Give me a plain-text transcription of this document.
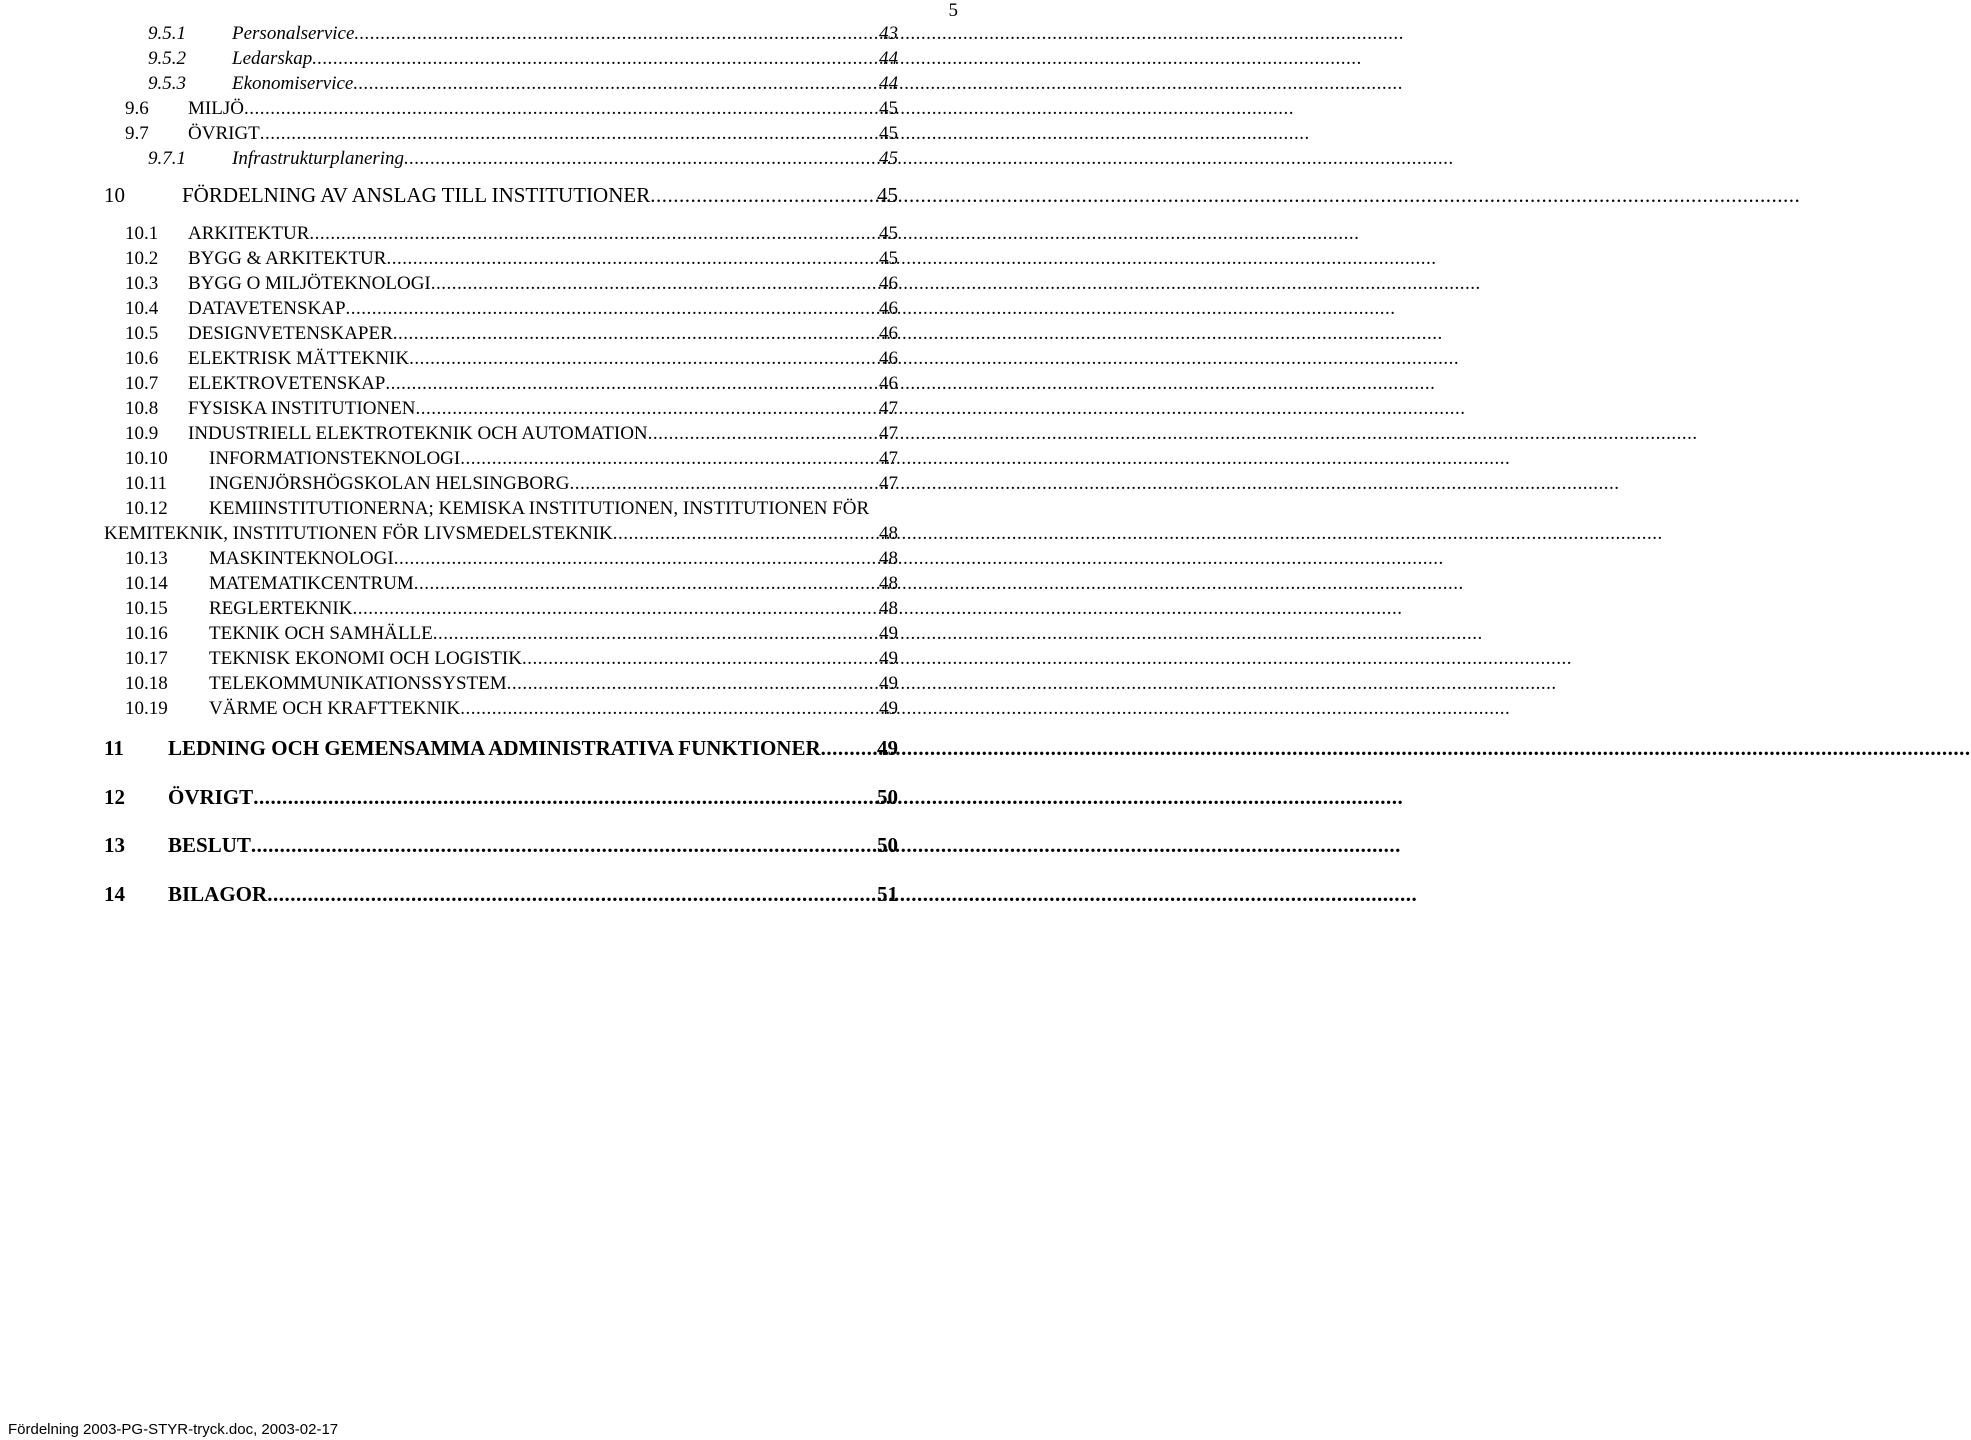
5
9.5.1	Personalservice .....	43
9.5.2	Ledarskap .....	44
9.5.3	Ekonomiservice .....	44
9.6	MILJÖ .....	45
9.7	ÖVRIGT .....	45
9.7.1	Infrastrukturplanering .....	45
10	FÖRDELNING AV ANSLAG TILL INSTITUTIONER .....	45
10.1	ARKITEKTUR .....	45
10.2	BYGG & ARKITEKTUR .....	45
10.3	BYGG O MILJÖTEKNOLOGI .....	46
10.4	DATAVETENSKAP .....	46
10.5	DESIGNVETENSKAPER .....	46
10.6	ELEKTRISK MÄTTEKNIK .....	46
10.7	ELEKTROVETENSKAP .....	46
10.8	FYSISKA INSTITUTIONEN .....	47
10.9	INDUSTRIELL ELEKTROTEKNIK OCH AUTOMATION .....	47
10.10	INFORMATIONSTEKNOLOGI .....	47
10.11	INGENJÖRSHÖGSKOLAN HELSINGBORG .....	47
10.12 KEMIINSTITUTIONERNA; KEMISKA INSTITUTIONEN, INSTITUTIONEN FÖR
KEMITEKNIK, INSTITUTIONEN FÖR LIVSMEDELSTEKNIK .....	48
10.13	MASKINTEKNOLOGI .....	48
10.14	MATEMATIKCENTRUM .....	48
10.15	REGLERTEKNIK .....	48
10.16	TEKNIK OCH SAMHÄLLE .....	49
10.17	TEKNISK EKONOMI OCH LOGISTIK .....	49
10.18	TELEKOMMUNIKATIONSSYSTEM .....	49
10.19	VÄRME OCH KRAFTTEKNIK .....	49
11	LEDNING OCH GEMENSAMMA ADMINISTRATIVA FUNKTIONER .....	49
12	ÖVRIGT .....	50
13	BESLUT .....	50
14	BILAGOR .....	51
Fördelning 2003-PG-STYR-tryck.doc, 2003-02-17
